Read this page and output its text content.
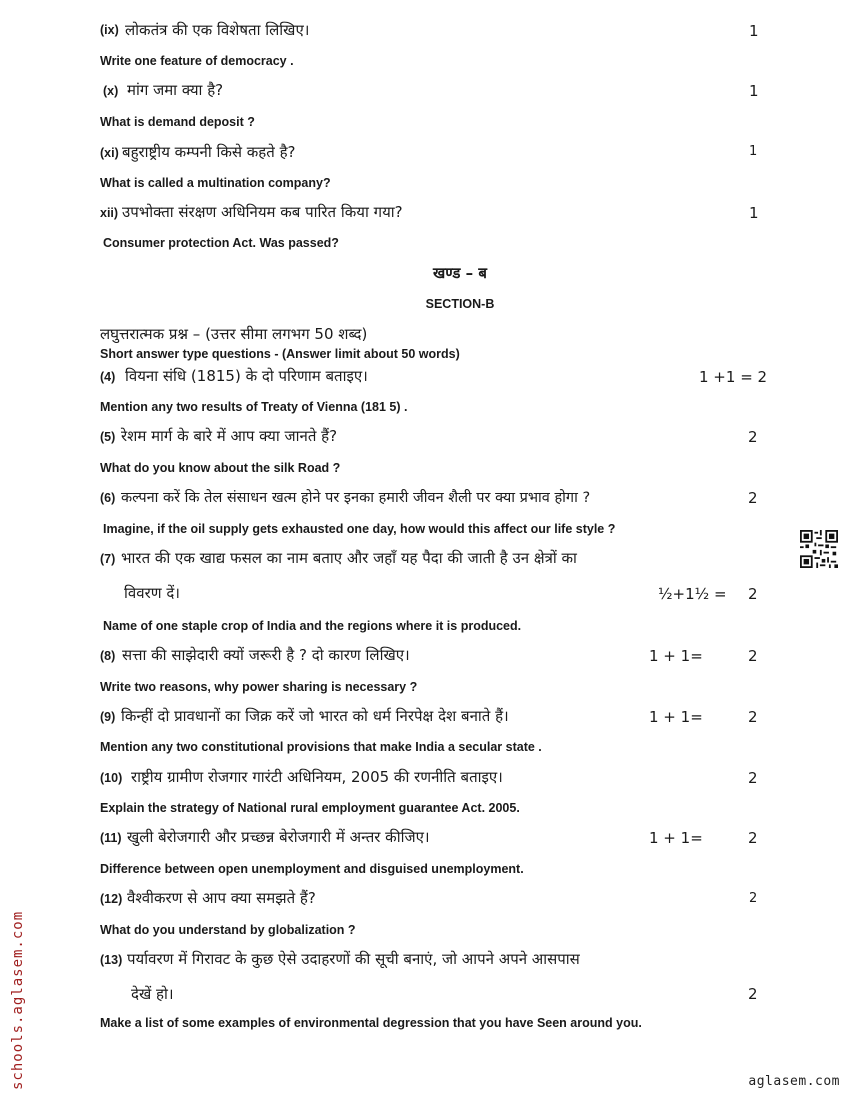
(ix) लोकतंत्र की एक विशेषता लिखिए।	1
Write one feature of democracy .
(x) मांग जमा क्या है?	1
What is demand deposit ?
(xi) बहुराष्ट्रीय कम्पनी किसे कहते है?	1
What is called a multination company?
xii) उपभोक्ता संरक्षण अधिनियम कब पारित किया गया?	1
Consumer protection Act. Was passed?
खण्ड – ब
SECTION-B
लघुत्तरात्मक प्रश्न – (उत्तर सीमा लगभग 50 शब्द)
Short answer type questions - (Answer limit about 50 words)
(4) वियना संधि (1815) के दो परिणाम बताइए।	1 +1 = 2
Mention any two results of Treaty of Vienna (181 5) .
(5) रेशम मार्ग के बारे में आप क्या जानते हैं?	2
What do you know about the silk Road ?
(6) कल्पना करें कि तेल संसाधन खत्म होने पर इनका हमारी जीवन शैली पर क्या प्रभाव होगा ?	2
Imagine, if the oil supply gets exhausted one day, how would this affect our life style ?
(7) भारत की एक खाद्य फसल का नाम बताए और जहाँ यह पैदा की जाती है उन क्षेत्रों का
विवरण दें।	½+1½ = 2
Name of one staple crop of India and the regions where it is produced.
(8) सत्ता की साझेदारी क्यों जरूरी है ? दो कारण लिखिए।	1 + 1=	2
Write two reasons, why power sharing is necessary ?
(9) किन्हीं दो प्रावधानों का जिक्र करें जो भारत को धर्म निरपेक्ष देश बनाते हैं।	1 + 1=	2
Mention any two constitutional provisions that make India a secular state .
(10) राष्ट्रीय ग्रामीण रोजगार गारंटी अधिनियम, 2005 की रणनीति बताइए।	2
Explain the strategy of National rural employment guarantee Act. 2005.
(11) खुली बेरोजगारी और प्रच्छन्न बेरोजगारी में अन्तर कीजिए।	1 + 1=	2
Difference between open unemployment and disguised unemployment.
(12) वैश्वीकरण से आप क्या समझते हैं?	2
What do you understand by globalization ?
(13) पर्यावरण में गिरावट के कुछ ऐसे उदाहरणों की सूची बनाएं, जो आपने अपने आसपास
देखें हो।	2
Make a list of some examples of environmental degression that you have Seen around you.
schools.aglasem.com	aglasem.com
